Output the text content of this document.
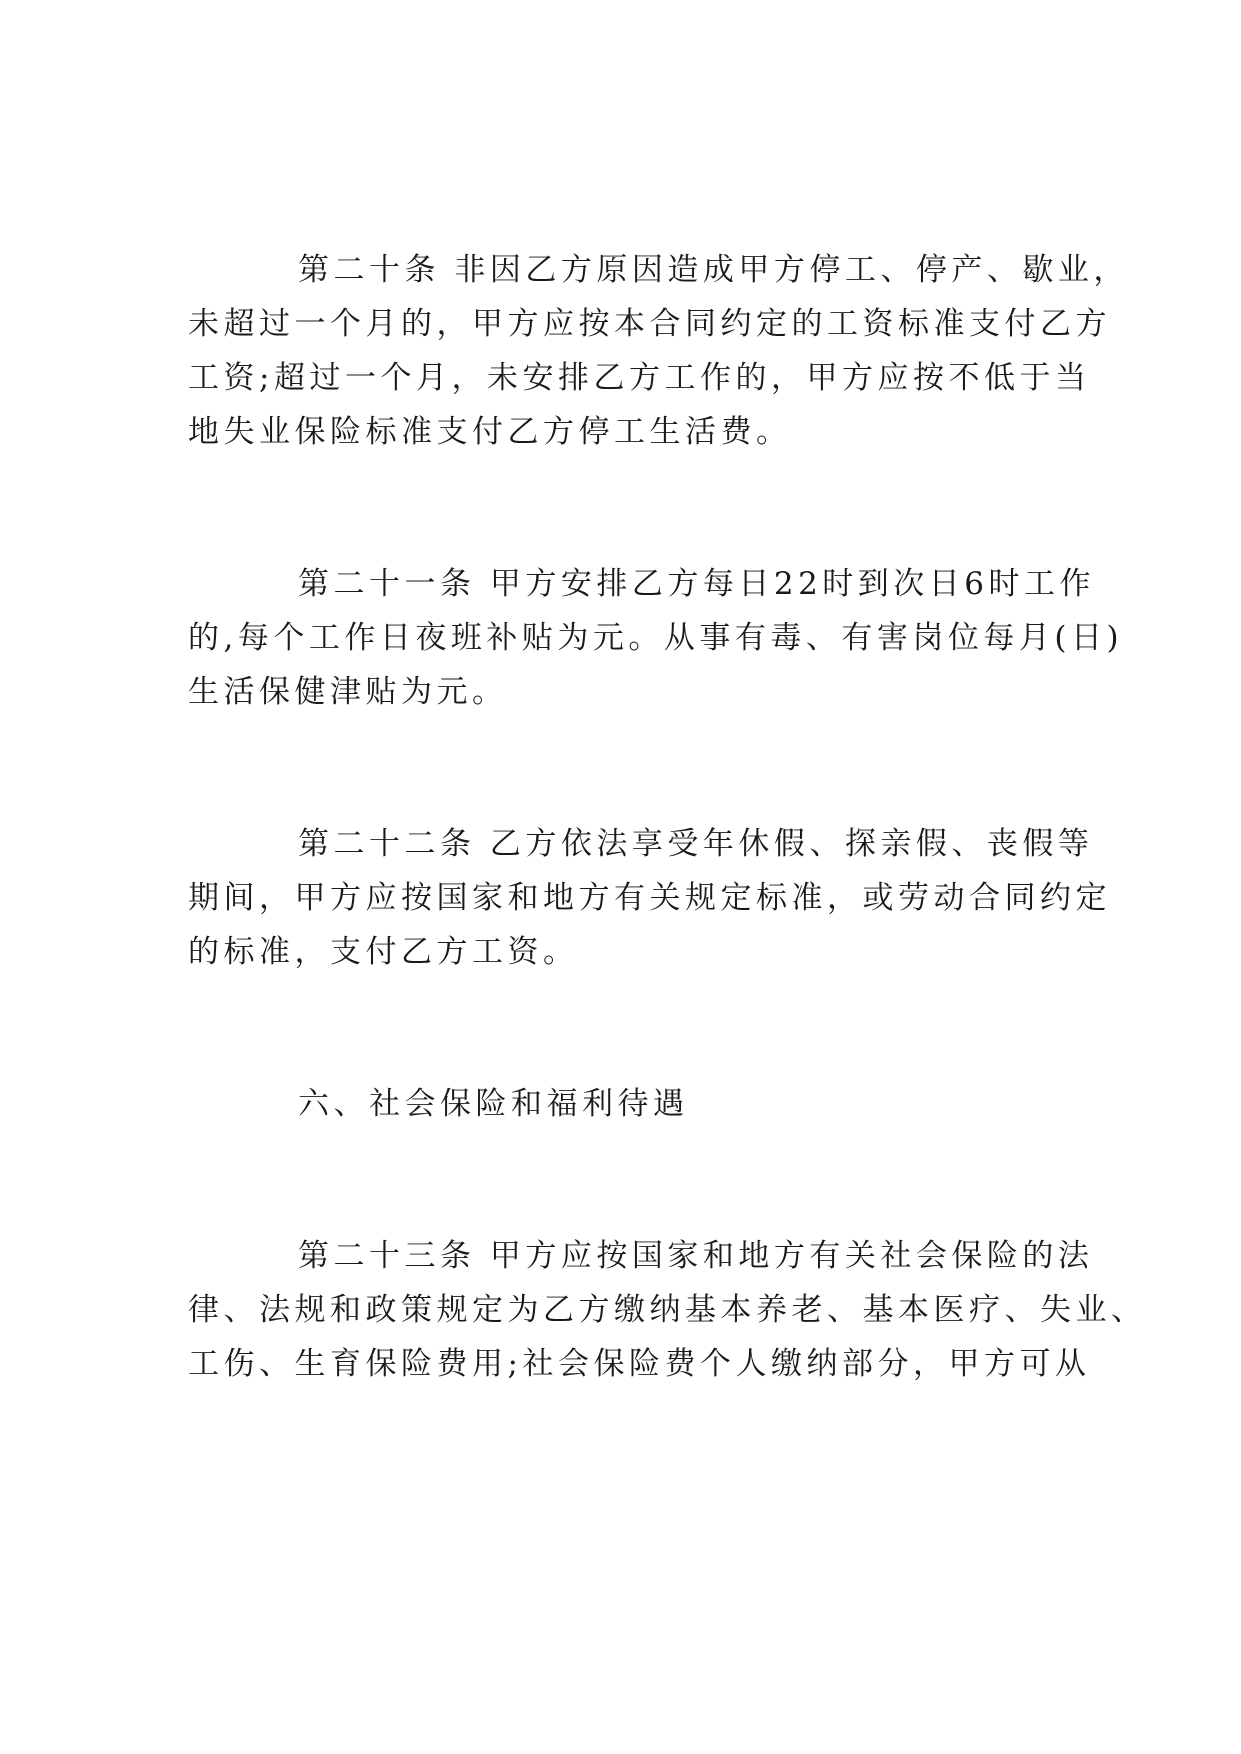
第二十条 非因乙方原因造成甲方停工、停产、歇业，
未超过一个月的，甲方应按本合同约定的工资标准支付乙方
工资;超过一个月，未安排乙方工作的，甲方应按不低于当
地失业保险标准支付乙方停工生活费。
第二十一条 甲方安排乙方每日22时到次日6时工作
的,每个工作日夜班补贴为元。从事有毒、有害岗位每月(日)
生活保健津贴为元。
第二十二条 乙方依法享受年休假、探亲假、丧假等
期间，甲方应按国家和地方有关规定标准，或劳动合同约定
的标准，支付乙方工资。
六、社会保险和福利待遇
第二十三条 甲方应按国家和地方有关社会保险的法
律、法规和政策规定为乙方缴纳基本养老、基本医疗、失业、
工伤、生育保险费用;社会保险费个人缴纳部分，甲方可从
